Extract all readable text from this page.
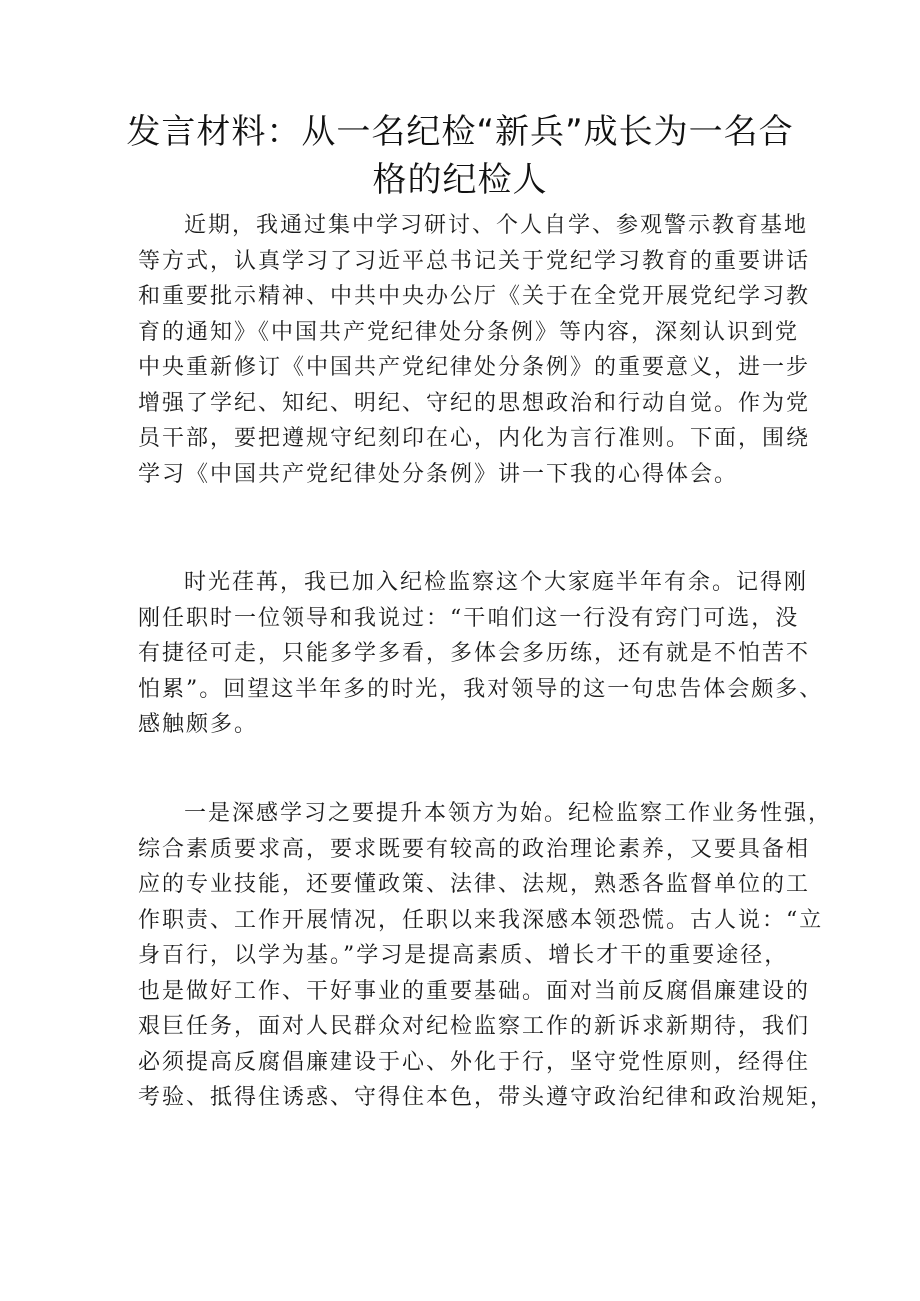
发言材料：从一名纪检“新兵”成长为一名合
格的纪检人
近期，我通过集中学习研讨、个人自学、参观警示教育基地
等方式，认真学习了习近平总书记关于党纪学习教育的重要讲话
和重要批示精神、中共中央办公厅《关于在全党开展党纪学习教
育的通知》《中国共产党纪律处分条例》等内容，深刻认识到党
中央重新修订《中国共产党纪律处分条例》的重要意义，进一步
增强了学纪、知纪、明纪、守纪的思想政治和行动自觉。作为党
员干部，要把遵规守纪刻印在心，内化为言行准则。下面，围绕
学习《中国共产党纪律处分条例》讲一下我的心得体会。
时光荏苒，我已加入纪检监察这个大家庭半年有余。记得刚
刚任职时一位领导和我说过：“干咱们这一行没有窍门可选，没
有捷径可走，只能多学多看，多体会多历练，还有就是不怕苦不
怕累”。回望这半年多的时光，我对领导的这一句忠告体会颇多、
感触颇多。
一是深感学习之要提升本领方为始。纪检监察工作业务性强，
综合素质要求高，要求既要有较高的政治理论素养，又要具备相
应的专业技能，还要懂政策、法律、法规，熟悉各监督单位的工
作职责、工作开展情况，任职以来我深感本领恐慌。古人说：“立
身百行，以学为基。”学习是提高素质、增长才干的重要途径，
也是做好工作、干好事业的重要基础。面对当前反腐倡廉建设的
艰巨任务，面对人民群众对纪检监察工作的新诉求新期待，我们
必须提高反腐倡廉建设于心、外化于行，坚守党性原则，经得住
考验、抵得住诱惑、守得住本色，带头遵守政治纪律和政治规矩，
